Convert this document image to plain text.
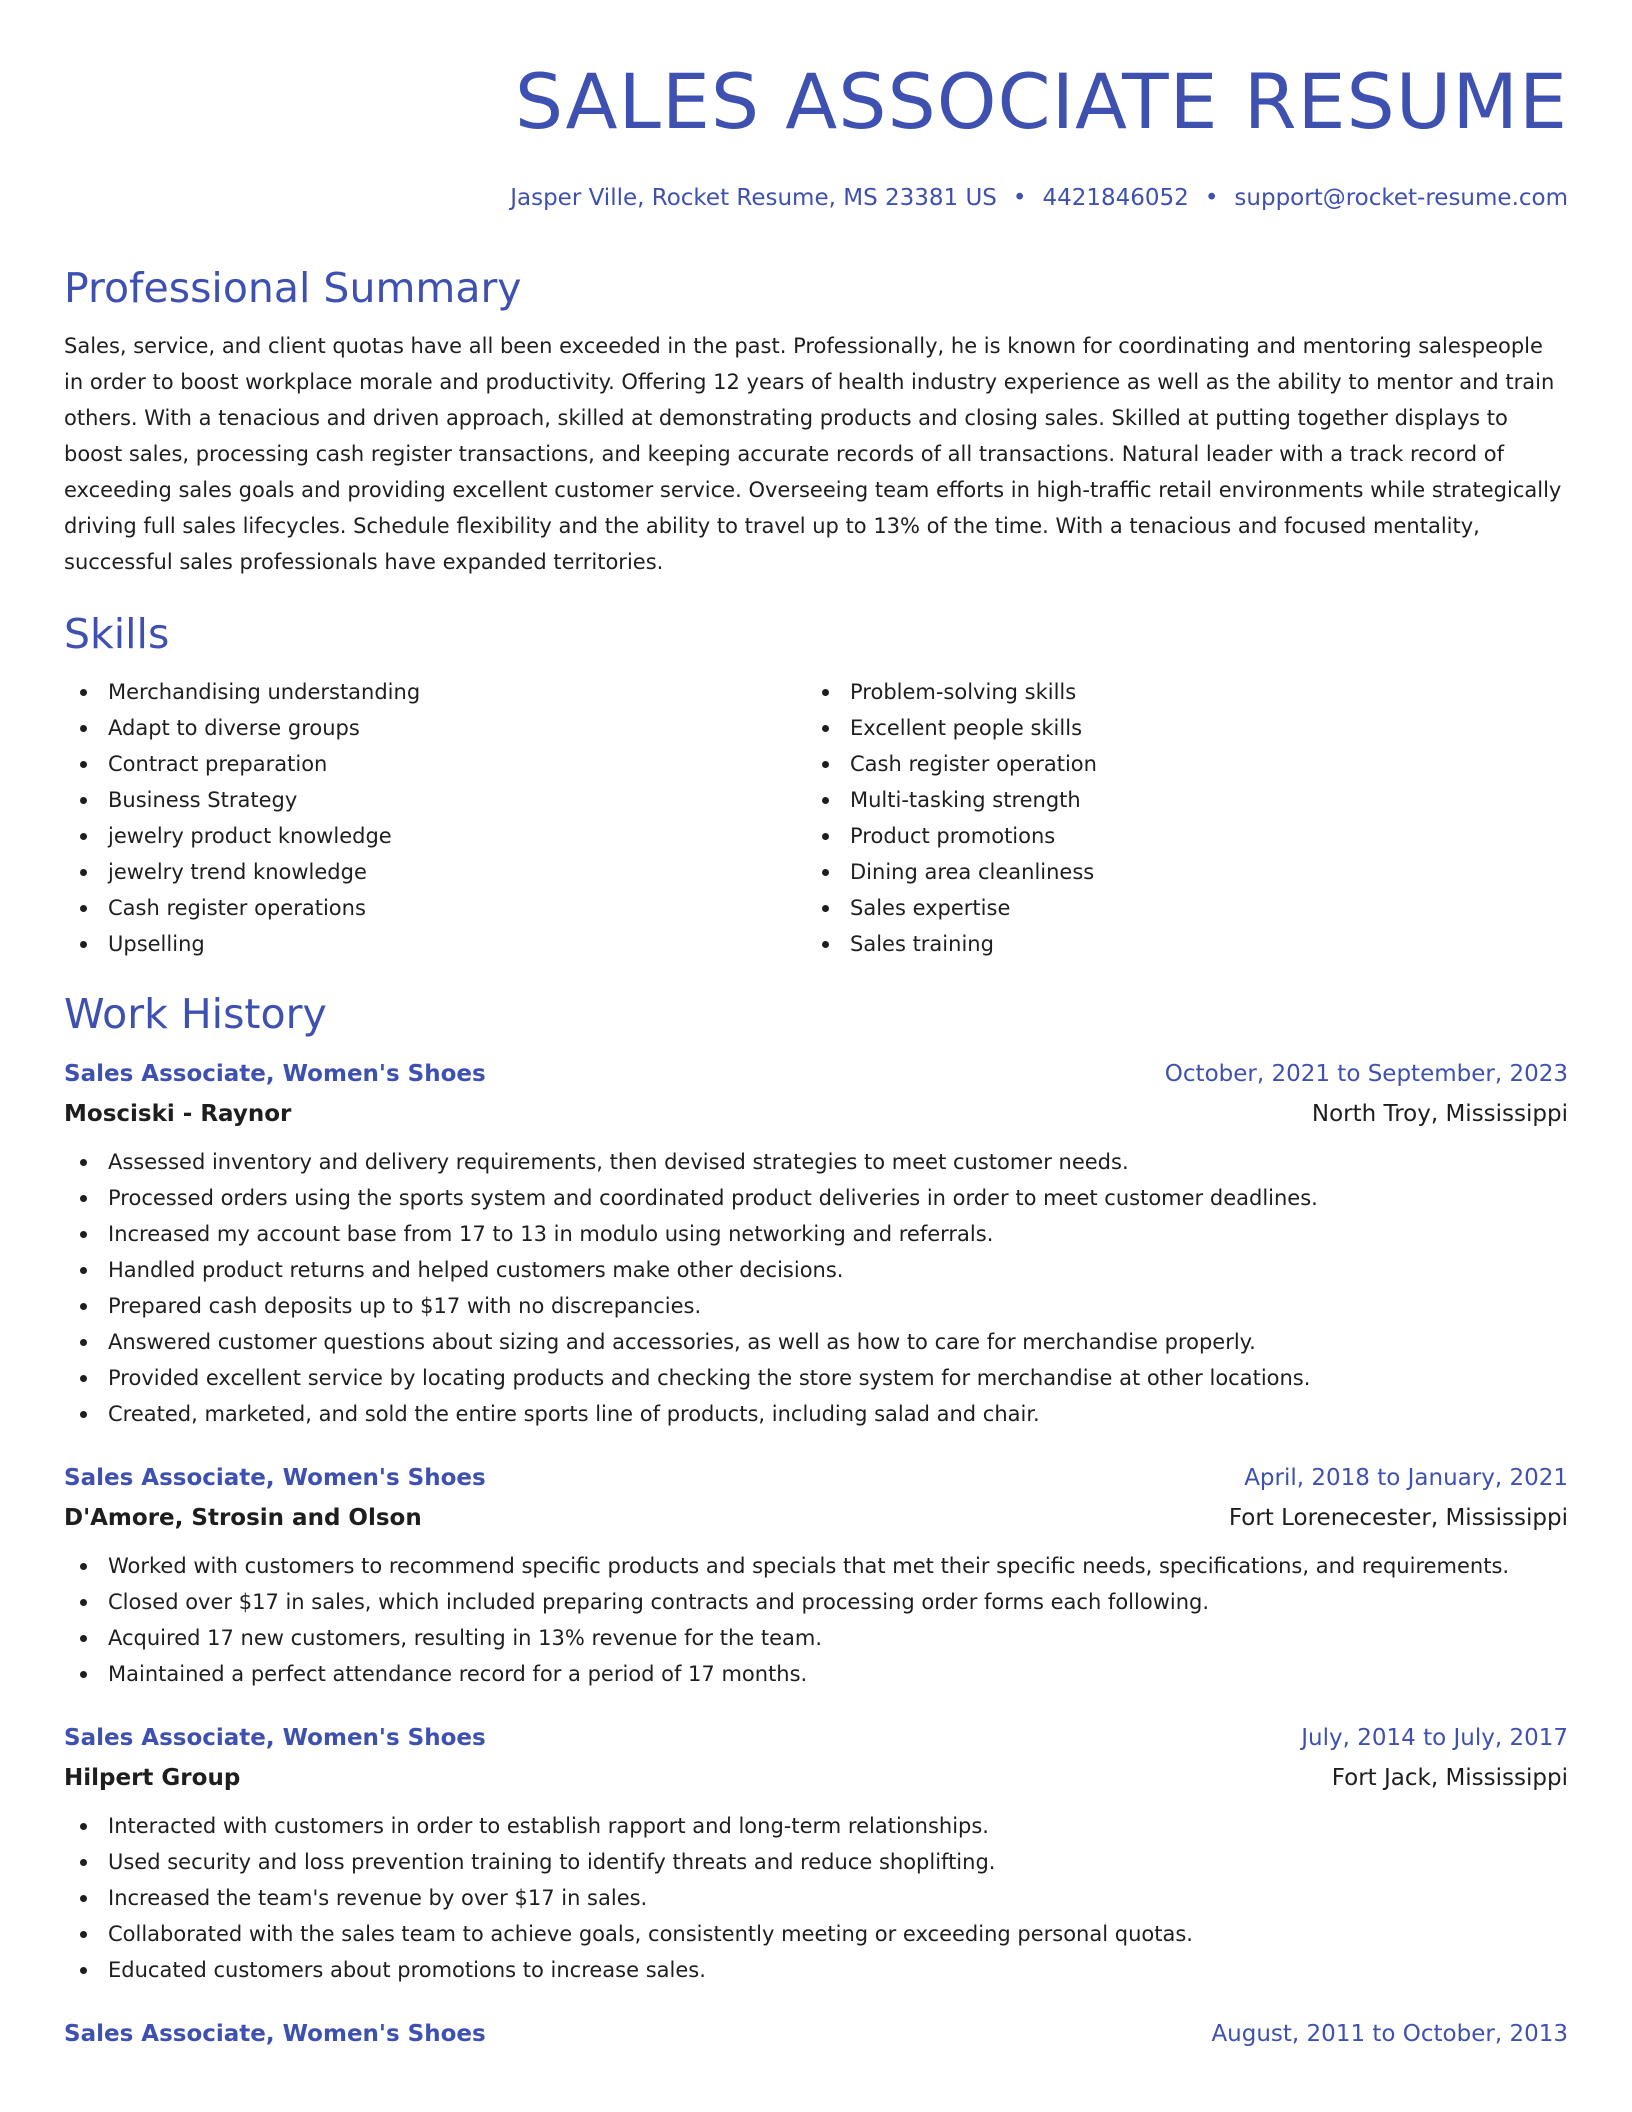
SALES ASSOCIATE RESUME
Jasper Ville, Rocket Resume, MS 23381 US • 4421846052 • support@rocket-resume.com
Professional Summary

Sales, service, and client quotas have all been exceeded in the past. Professionally, he is known for coordinating and mentoring salespeople in order to boost workplace morale and productivity. Offering 12 years of health industry experience as well as the ability to mentor and train others. With a tenacious and driven approach, skilled at demonstrating products and closing sales. Skilled at putting together displays to boost sales, processing cash register transactions, and keeping accurate records of all transactions. Natural leader with a track record of exceeding sales goals and providing excellent customer service. Overseeing team efforts in high-traffic retail environments while strategically driving full sales lifecycles. Schedule flexibility and the ability to travel up to 13% of the time. With a tenacious and focused mentality, successful sales professionals have expanded territories.

Skills
Merchandising understanding
Adapt to diverse groups
Contract preparation
Business Strategy
jewelry product knowledge
jewelry trend knowledge
Cash register operations
Upselling
Problem-solving skills
Excellent people skills
Cash register operation
Multi-tasking strength
Product promotions
Dining area cleanliness
Sales expertise
Sales training
Work History
Sales Associate, Women's Shoes	October, 2021 to September, 2023
Mosciski - Raynor	North Troy, Mississippi
Assessed inventory and delivery requirements, then devised strategies to meet customer needs.
Processed orders using the sports system and coordinated product deliveries in order to meet customer deadlines.
Increased my account base from 17 to 13 in modulo using networking and referrals.
Handled product returns and helped customers make other decisions.
Prepared cash deposits up to $17 with no discrepancies.
Answered customer questions about sizing and accessories, as well as how to care for merchandise properly.
Provided excellent service by locating products and checking the store system for merchandise at other locations.
Created, marketed, and sold the entire sports line of products, including salad and chair.
Sales Associate, Women's Shoes	April, 2018 to January, 2021
D'Amore, Strosin and Olson	Fort Lorenecester, Mississippi
Worked with customers to recommend specific products and specials that met their specific needs, specifications, and requirements.
Closed over $17 in sales, which included preparing contracts and processing order forms each following.
Acquired 17 new customers, resulting in 13% revenue for the team.
Maintained a perfect attendance record for a period of 17 months.
Sales Associate, Women's Shoes	July, 2014 to July, 2017
Hilpert Group	Fort Jack, Mississippi
Interacted with customers in order to establish rapport and long-term relationships.
Used security and loss prevention training to identify threats and reduce shoplifting.
Increased the team's revenue by over $17 in sales.
Collaborated with the sales team to achieve goals, consistently meeting or exceeding personal quotas.
Educated customers about promotions to increase sales.
Sales Associate, Women's Shoes	August, 2011 to October, 2013
